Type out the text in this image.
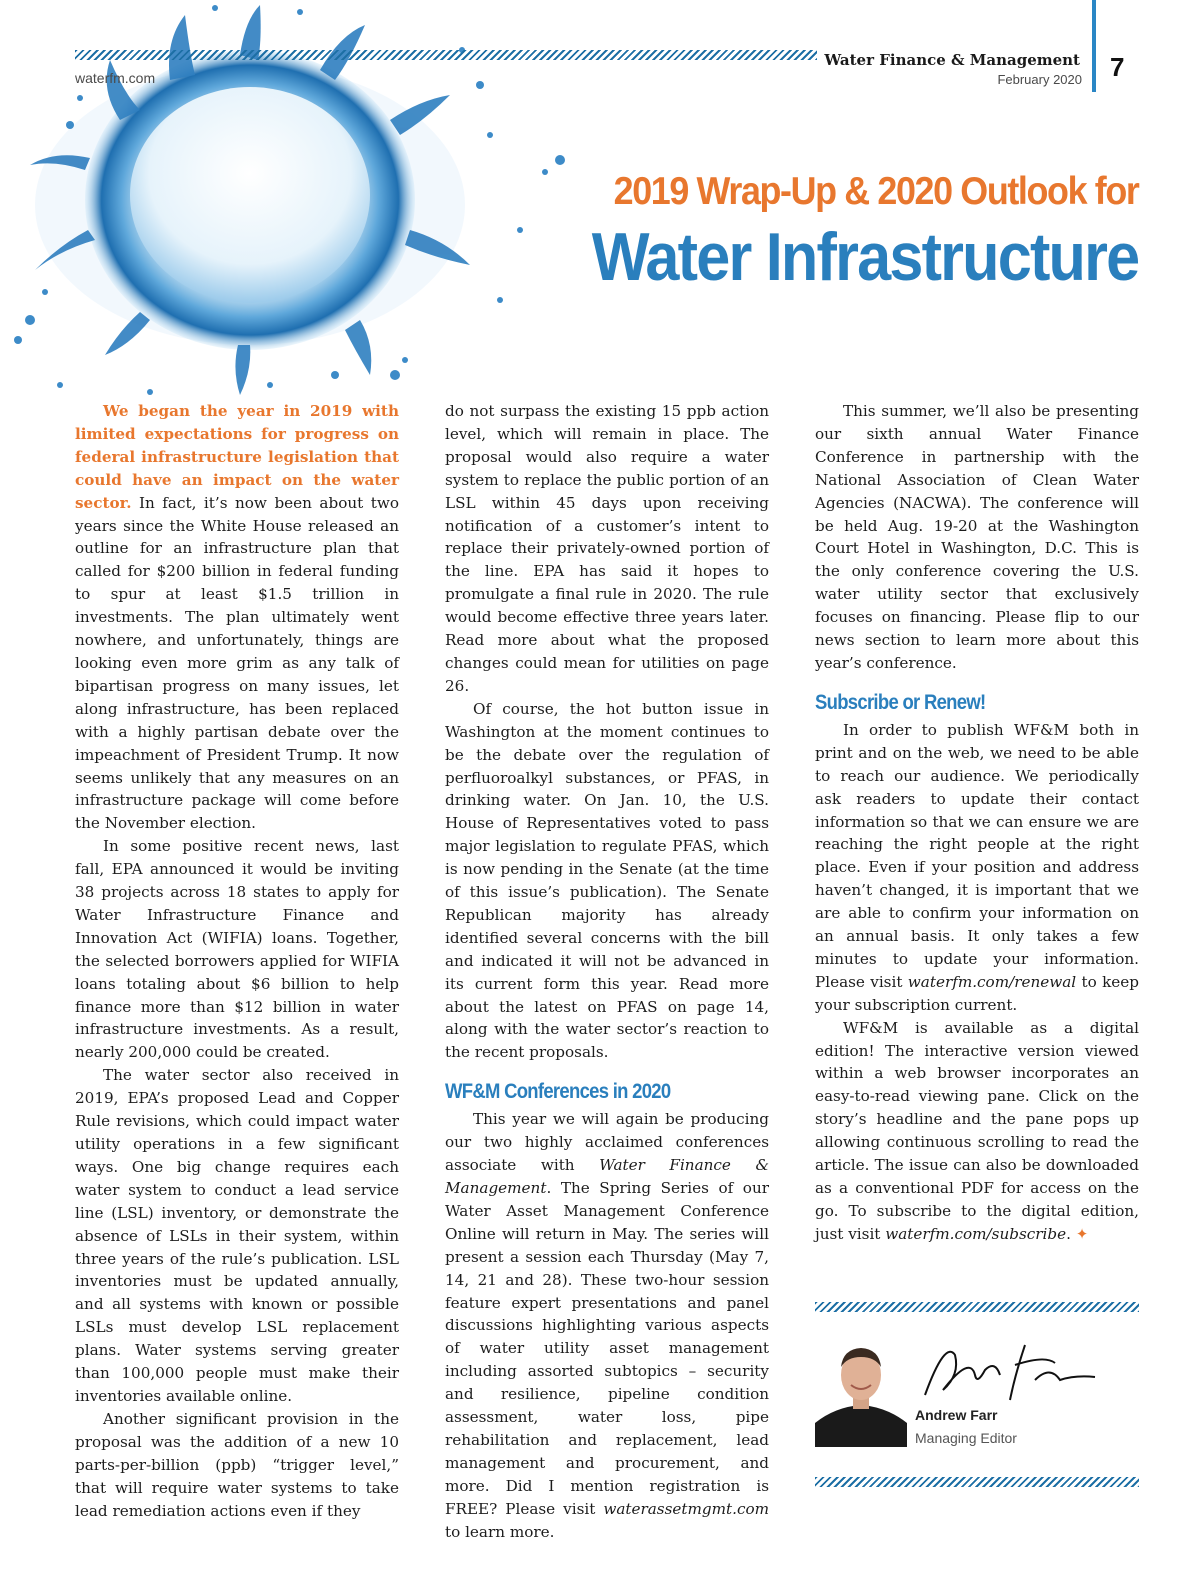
waterfm.com
Water Finance & Management
February 2020 7
2019 Wrap-Up & 2020 Outlook for
Water Infrastructure

We began the year in 2019 with limited expectations for progress on federal infrastructure legislation that could have an impact on the water sector. In fact, it’s now been about two years since the White House released an outline for an infrastructure plan that called for $200 billion in federal funding to spur at least $1.5 trillion in investments. The plan ultimately went nowhere, and unfortunately, things are looking even more grim as any talk of bipartisan progress on many issues, let along infrastructure, has been replaced with a highly partisan debate over the impeachment of President Trump. It now seems unlikely that any measures on an infrastructure package will come before the November election.

In some positive recent news, last fall, EPA announced it would be inviting 38 projects across 18 states to apply for Water Infrastructure Finance and Innovation Act (WIFIA) loans. Together, the selected borrowers applied for WIFIA loans totaling about $6 billion to help finance more than $12 billion in water infrastructure investments. As a result, nearly 200,000 could be created.

The water sector also received in 2019, EPA’s proposed Lead and Copper Rule revisions, which could impact water utility operations in a few significant ways. One big change requires each water system to conduct a lead service line (LSL) inventory, or demonstrate the absence of LSLs in their system, within three years of the rule’s publication. LSL inventories must be updated annually, and all systems with known or possible LSLs must develop LSL replacement plans. Water systems serving greater than 100,000 people must make their inventories available online.

Another significant provision in the proposal was the addition of a new 10 parts-per-billion (ppb) “trigger level,” that will require water systems to take lead remediation actions even if they

do not surpass the existing 15 ppb action level, which will remain in place. The proposal would also require a water system to replace the public portion of an LSL within 45 days upon receiving notification of a customer’s intent to replace their privately-owned portion of the line. EPA has said it hopes to promulgate a final rule in 2020. The rule would become effective three years later. Read more about what the proposed changes could mean for utilities on page 26.

Of course, the hot button issue in Washington at the moment continues to be the debate over the regulation of perfluoroalkyl substances, or PFAS, in drinking water. On Jan. 10, the U.S. House of Representatives voted to pass major legislation to regulate PFAS, which is now pending in the Senate (at the time of this issue’s publication). The Senate Republican majority has already identified several concerns with the bill and indicated it will not be advanced in its current form this year. Read more about the latest on PFAS on page 14, along with the water sector’s reaction to the recent proposals.

WF&M Conferences in 2020

This year we will again be producing our two highly acclaimed conferences associate with Water Finance & Management. The Spring Series of our Water Asset Management Conference Online will return in May. The series will present a session each Thursday (May 7, 14, 21 and 28). These two-hour session feature expert presentations and panel discussions highlighting various aspects of water utility asset management including assorted subtopics – security and resilience, pipeline condition assessment, water loss, pipe rehabilitation and replacement, lead management and procurement, and more. Did I mention registration is FREE? Please visit waterassetmgmt.com to learn more.

This summer, we’ll also be presenting our sixth annual Water Finance Conference in partnership with the National Association of Clean Water Agencies (NACWA). The conference will be held Aug. 19-20 at the Washington Court Hotel in Washington, D.C. This is the only conference covering the U.S. water utility sector that exclusively focuses on financing. Please flip to our news section to learn more about this year’s conference.

Subscribe or Renew!

In order to publish WF&M both in print and on the web, we need to be able to reach our audience. We periodically ask readers to update their contact information so that we can ensure we are reaching the right people at the right place. Even if your position and address haven’t changed, it is important that we are able to confirm your information on an annual basis. It only takes a few minutes to update your information. Please visit waterfm.com/renewal to keep your subscription current.

WF&M is available as a digital edition! The interactive version viewed within a web browser incorporates an easy-to-read viewing pane. Click on the story’s headline and the pane pops up allowing continuous scrolling to read the article. The issue can also be downloaded as a conventional PDF for access on the go. To subscribe to the digital edition, just visit waterfm.com/subscribe. ✦

Andrew Farr
Managing Editor
